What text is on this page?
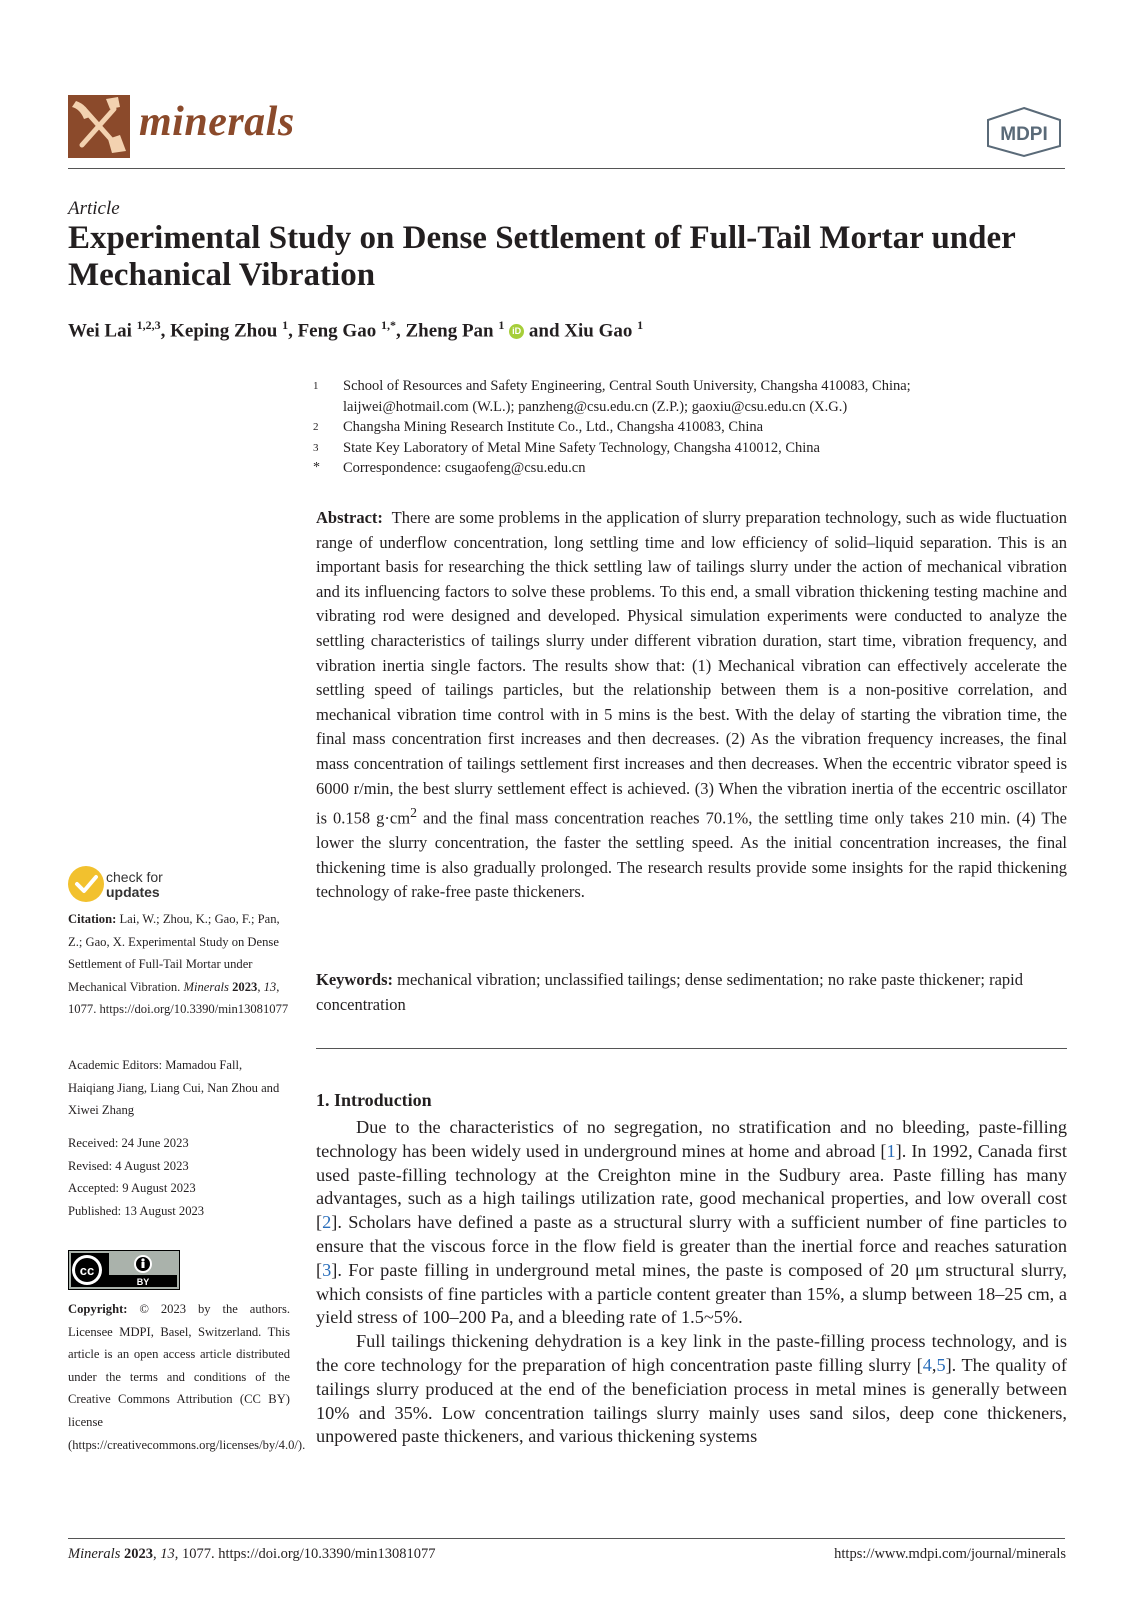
minerals	MDPI
Article
Experimental Study on Dense Settlement of Full-Tail Mortar under Mechanical Vibration
Wei Lai $^{1,2,3}$, Keping Zhou $^1$, Feng Gao $^{1,*}$, Zheng Pan $^1$ iD and Xiu Gao $^1$
1	School of Resources and Safety Engineering, Central South University, Changsha 410083, China;
laijwei@hotmail.com (W.L.); panzheng@csu.edu.cn (Z.P.); gaoxiu@csu.edu.cn (X.G.)
2	Changsha Mining Research Institute Co., Ltd., Changsha 410083, China
3	State Key Laboratory of Metal Mine Safety Technology, Changsha 410012, China
*	Correspondence: csugaofeng@csu.edu.cn
Abstract: There are some problems in the application of slurry preparation technology, such as wide fluctuation range of underflow concentration, long settling time and low efficiency of solid–liquid separation. This is an important basis for researching the thick settling law of tailings slurry under the action of mechanical vibration and its influencing factors to solve these problems. To this end, a small vibration thickening testing machine and vibrating rod were designed and developed. Physical simulation experiments were conducted to analyze the settling characteristics of tailings slurry under different vibration duration, start time, vibration frequency, and vibration inertia single factors. The results show that: (1) Mechanical vibration can effectively accelerate the settling speed of tailings particles, but the relationship between them is a non-positive correlation, and mechanical vibration time control with in 5 mins is the best. With the delay of starting the vibration time, the final mass concentration first increases and then decreases. (2) As the vibration frequency increases, the final mass concentration of tailings settlement first increases and then decreases. When the eccentric vibrator speed is 6000 r/min, the best slurry settlement effect is achieved. (3) When the vibration inertia of the eccentric oscillator is 0.158 $g\cdot cm^2$ and the final mass concentration reaches 70.1%, the settling time only takes 210 min. (4) The lower the slurry concentration, the faster the settling speed. As the initial concentration increases, the final thickening time is also gradually prolonged. The research results provide some insights for the rapid thickening technology of rake-free paste thickeners.
Keywords: mechanical vibration; unclassified tailings; dense sedimentation; no rake paste thickener; rapid concentration
1. Introduction

Due to the characteristics of no segregation, no stratification and no bleeding, paste-filling technology has been widely used in underground mines at home and abroad [1]. In 1992, Canada first used paste-filling technology at the Creighton mine in the Sudbury area. Paste filling has many advantages, such as a high tailings utilization rate, good mechanical properties, and low overall cost [2]. Scholars have defined a paste as a structural slurry with a sufficient number of fine particles to ensure that the viscous force in the flow field is greater than the inertial force and reaches saturation [3]. For paste filling in underground metal mines, the paste is composed of 20 μm structural slurry, which consists of fine particles with a particle content greater than 15%, a slump between 18–25 cm, a yield stress of 100–200 Pa, and a bleeding rate of 1.5~5%.

Full tailings thickening dehydration is a key link in the paste-filling process technology, and is the core technology for the preparation of high concentration paste filling slurry [4,5]. The quality of tailings slurry produced at the end of the beneficiation process in metal mines is generally between 10% and 35%. Low concentration tailings slurry mainly uses sand silos, deep cone thickeners, unpowered paste thickeners, and various thickening systems

check for
updates
Citation: Lai, W.; Zhou, K.; Gao, F.; Pan, Z.; Gao, X. Experimental Study on Dense Settlement of Full-Tail Mortar under Mechanical Vibration. Minerals 2023, 13, 1077. https://doi.org/10.3390/min13081077
Academic Editors: Mamadou Fall, Haiqiang Jiang, Liang Cui, Nan Zhou and Xiwei Zhang
Received: 24 June 2023
Revised: 4 August 2023
Accepted: 9 August 2023
Published: 13 August 2023
cc
BY
Copyright: © 2023 by the authors. Licensee MDPI, Basel, Switzerland. This article is an open access article distributed under the terms and conditions of the Creative Commons Attribution (CC BY) license (https://creativecommons.org/licenses/by/4.0/).
Minerals 2023, 13, 1077. https://doi.org/10.3390/min13081077	https://www.mdpi.com/journal/minerals
